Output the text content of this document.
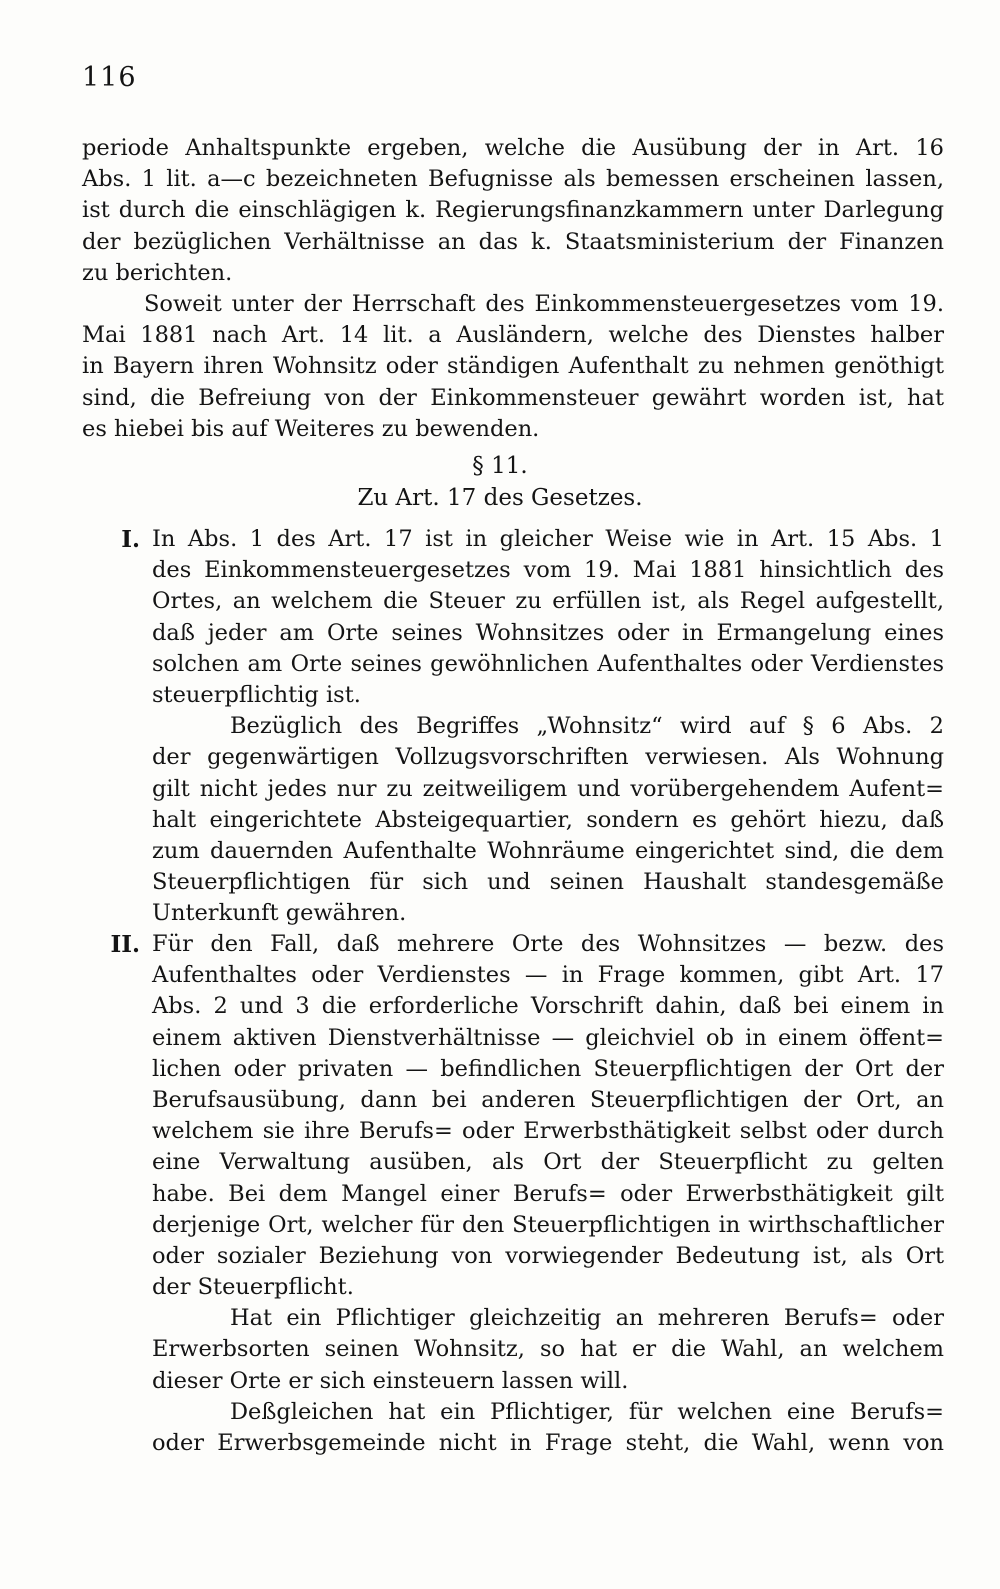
116
periode Anhaltspunkte ergeben, welche die Ausübung der in Art. 16
Abs. 1 lit. a—c bezeichneten Befugnisse als bemessen erscheinen lassen,
ist durch die einschlägigen k. Regierungsfinanzkammern unter Darlegung
der bezüglichen Verhältnisse an das k. Staatsministerium der Finanzen
zu berichten.
Soweit unter der Herrschaft des Einkommensteuergesetzes vom 19.
Mai 1881 nach Art. 14 lit. a Ausländern, welche des Dienstes halber
in Bayern ihren Wohnsitz oder ständigen Aufenthalt zu nehmen genöthigt
sind, die Befreiung von der Einkommensteuer gewährt worden ist, hat
es hiebei bis auf Weiteres zu bewenden.
§ 11.
Zu Art. 17 des Gesetzes.
I. In Abs. 1 des Art. 17 ist in gleicher Weise wie in Art. 15 Abs. 1
des Einkommensteuergesetzes vom 19. Mai 1881 hinsichtlich des
Ortes, an welchem die Steuer zu erfüllen ist, als Regel aufgestellt,
daß jeder am Orte seines Wohnsitzes oder in Ermangelung eines
solchen am Orte seines gewöhnlichen Aufenthaltes oder Verdienstes
steuerpflichtig ist.
Bezüglich des Begriffes „Wohnsitz“ wird auf § 6 Abs. 2
der gegenwärtigen Vollzugsvorschriften verwiesen. Als Wohnung
gilt nicht jedes nur zu zeitweiligem und vorübergehendem Aufent=
halt eingerichtete Absteigequartier, sondern es gehört hiezu, daß
zum dauernden Aufenthalte Wohnräume eingerichtet sind, die dem
Steuerpflichtigen für sich und seinen Haushalt standesgemäße
Unterkunft gewähren.
II. Für den Fall, daß mehrere Orte des Wohnsitzes — bezw. des
Aufenthaltes oder Verdienstes — in Frage kommen, gibt Art. 17
Abs. 2 und 3 die erforderliche Vorschrift dahin, daß bei einem in
einem aktiven Dienstverhältnisse — gleichviel ob in einem öffent=
lichen oder privaten — befindlichen Steuerpflichtigen der Ort der
Berufsausübung, dann bei anderen Steuerpflichtigen der Ort, an
welchem sie ihre Berufs= oder Erwerbsthätigkeit selbst oder durch
eine Verwaltung ausüben, als Ort der Steuerpflicht zu gelten
habe. Bei dem Mangel einer Berufs= oder Erwerbsthätigkeit gilt
derjenige Ort, welcher für den Steuerpflichtigen in wirthschaftlicher
oder sozialer Beziehung von vorwiegender Bedeutung ist, als Ort
der Steuerpflicht.
Hat ein Pflichtiger gleichzeitig an mehreren Berufs= oder
Erwerbsorten seinen Wohnsitz, so hat er die Wahl, an welchem
dieser Orte er sich einsteuern lassen will.
Deßgleichen hat ein Pflichtiger, für welchen eine Berufs=
oder Erwerbsgemeinde nicht in Frage steht, die Wahl, wenn von
